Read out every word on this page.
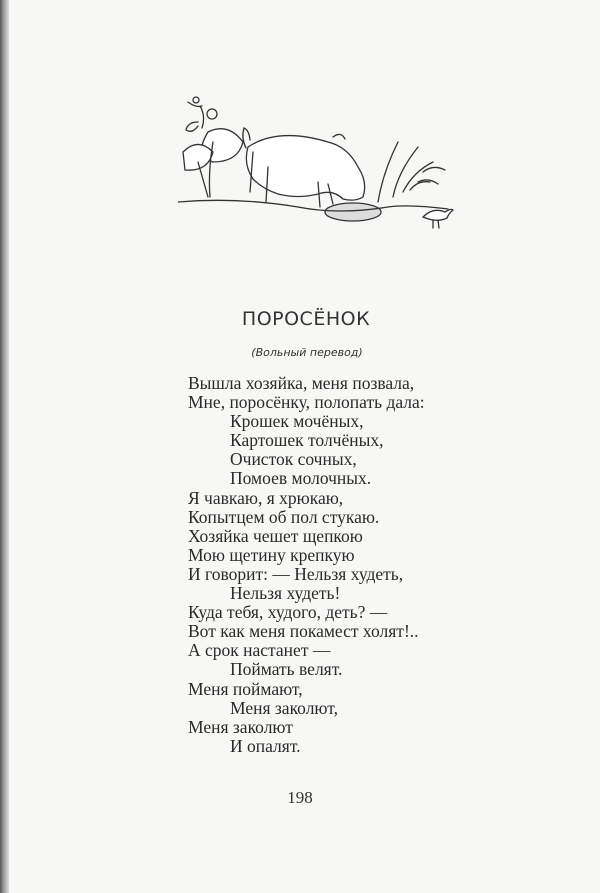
ПОРОСЁНОК
(Вольный перевод)
Вышла хозяйка, меня позвала,
Мне, поросёнку, полопать дала:
Крошек мочёных,
Картошек толчёных,
Очисток сочных,
Помоев молочных.
Я чавкаю, я хрюкаю,
Копытцем об пол стукаю.
Хозяйка чешет щепкою
Мою щетину крепкую
И говорит: — Нельзя худеть,
Нельзя худеть!
Куда тебя, худого, деть? —
Вот как меня покамест холят!..
А срок настанет —
Поймать велят.
Меня поймают,
Меня заколют,
Меня заколют
И опалят.
198
